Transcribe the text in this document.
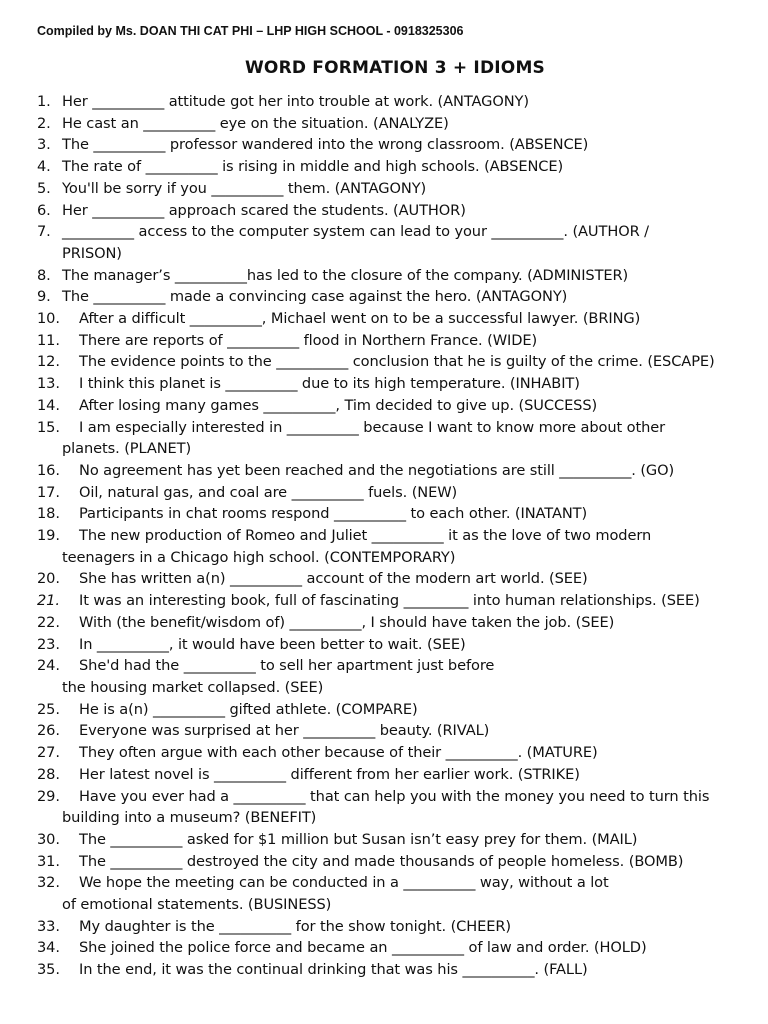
Compiled by Ms. DOAN THI CAT PHI – LHP HIGH SCHOOL - 0918325306
WORD FORMATION 3 + IDIOMS
1. Her __________ attitude got her into trouble at work. (ANTAGONY)
2. He cast an __________ eye on the situation. (ANALYZE)
3. The __________ professor wandered into the wrong classroom. (ABSENCE)
4. The rate of __________ is rising in middle and high schools. (ABSENCE)
5. You'll be sorry if you __________ them. (ANTAGONY)
6. Her __________ approach scared the students. (AUTHOR)
7. __________ access to the computer system can lead to your __________. (AUTHOR /
PRISON)
8. The manager’s __________has led to the closure of the company. (ADMINISTER)
9. The __________ made a convincing case against the hero. (ANTAGONY)
10.	After a difficult __________, Michael went on to be a successful lawyer. (BRING)
11.	There are reports of __________ flood in Northern France. (WIDE)
12.	The evidence points to the __________ conclusion that he is guilty of the crime. (ESCAPE)
13.	I think this planet is __________ due to its high temperature. (INHABIT)
14.	After losing many games __________, Tim decided to give up. (SUCCESS)
15.	I am especially interested in __________ because I want to know more about other
planets. (PLANET)
16.	No agreement has yet been reached and the negotiations are still __________. (GO)
17.	Oil, natural gas, and coal are __________ fuels. (NEW)
18.	Participants in chat rooms respond __________ to each other. (INATANT)
19.	The new production of Romeo and Juliet __________ it as the love of two modern
teenagers in a Chicago high school. (CONTEMPORARY)
20.	She has written a(n) __________ account of the modern art world. (SEE)
21.	It was an interesting book, full of fascinating _________ into human relationships. (SEE)
22.	With (the benefit/wisdom of) __________, I should have taken the job. (SEE)
23.	In __________, it would have been better to wait. (SEE)
24.	She'd had the __________ to sell her apartment just before
the housing market collapsed. (SEE)
25.	He is a(n) __________ gifted athlete. (COMPARE)
26.	Everyone was surprised at her __________ beauty. (RIVAL)
27.	They often argue with each other because of their __________. (MATURE)
28.	Her latest novel is __________ different from her earlier work. (STRIKE)
29.	Have you ever had a __________ that can help you with the money you need to turn this
building into a museum? (BENEFIT)
30.	The __________ asked for $1 million but Susan isn’t easy prey for them. (MAIL)
31.	The __________ destroyed the city and made thousands of people homeless. (BOMB)
32.	We hope the meeting can be conducted in a __________ way, without a lot
of emotional statements. (BUSINESS)
33.	My daughter is the __________ for the show tonight. (CHEER)
34.	She joined the police force and became an __________ of law and order. (HOLD)
35.	In the end, it was the continual drinking that was his __________. (FALL)
